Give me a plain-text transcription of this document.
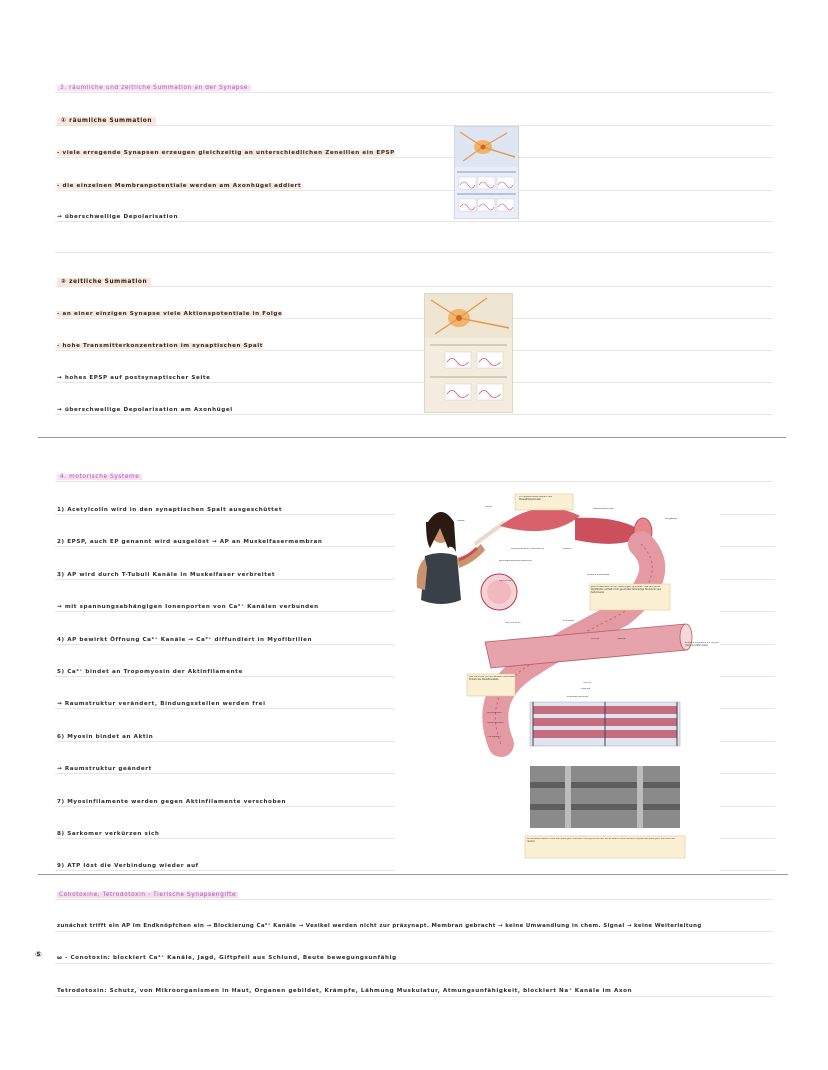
3. räumliche und zeitliche Summation an der Synapse
① räumliche Summation
- viele erregende Synapsen erzeugen gleichzeitig an unterschiedlichen Zenelllen ein EPSP
- die einzelnen Membranpotentiale werden am Axonhügel addiert
→ überschwellige Depolarisation
② zeitliche Summation
- an einer einzigen Synapse viele Aktionspotentiale in Folge
- hohe Transmitterkonzentration im synaptischen Spalt
→ hohes EPSP auf postsynaptischer Seite
→ überschwellige Depolarisation am Axonhügel
4. motorische Systeme
1) Acetylcolin wird in den synaptischen Spalt ausgeschüttet
2) EPSP, auch EP genannt wird ausgelöst → AP an Muskelfasermembran
3) AP wird durch T-Tubuli Kanäle in Muskelfaser verbreitet
→ mit spannungsabhängigen Ionenporten von Ca²⁺ Kanälen verbunden
4) AP bewirkt Öffnung Ca²⁺ Kanäle → Ca²⁺ diffundiert in Myofibrillen
5) Ca²⁺ bindet an Tropomyosin der Aktinfilamente
→ Raumstruktur verändert, Bindungsstellen werden frei
6) Myosin bindet an Aktin
→ Raumstruktur geändert
7) Myosinfilamente werden gegen Aktinfilamente verschoben
8) Sarkomer verkürzen sich
9) ATP löst die Verbindung wieder auf
Ein Skelettmuskel besteht aus Muskelfaserbündeln.
Sehne
Muskel
Muskelfaserbündel
Blutgefäße
Plasmamembran (Sarkolemm)	Zellkern
sarkoplasmatisches Retikulum
Myofibrillen
einzelne Muskelfaser
Jede Muskelfaser ist ein vielkerniges Synzytium, das zahlreiche Myofibrillen enthält, hoch geordnete fadenartige Strukturen aus Sarkomeren
Mitochondrien
Z-Scheibe
M-Linie	I-Bande
einzelne Myofibrille mit Myosin (rot) und Aktin (blau)
Das Sarkomer ist die kleinste funktionelle Einheit des Skelettmuskels.
H-Zone
A-Bande
einzelnes Sarkomer
Aktinfilament
Myosinfilament
Titinfilament
Wo es ausschließlich Aktinfilamente gibt, erscheint die Myofibrille hell, wo es sowohl Aktin als auch Myosinfilamente gibt, erscheint sie dunkel.
Conotoxine, Tetrodotoxin - Tierische Synapsengifte
zunächst trifft ein AP im Endknöpfchen ein → Blockierung Ca²⁺ Kanäle → Vesikel werden nicht zur präsynapt. Membran gebracht → keine Umwandlung in chem. Signal → keine Weiterleitung
⑤	ω - Conotoxin: blockiert Ca²⁺ Kanäle, Jagd, Giftpfeil aus Schlund, Beute bewegungsunfähig
Tetrodotoxin: Schutz, von Mikroorganismen in Haut, Organen gebildet, Krämpfe, Lähmung Muskulatur, Atmungsunfähigkeit, blockiert Na⁺ Kanäle im Axon
